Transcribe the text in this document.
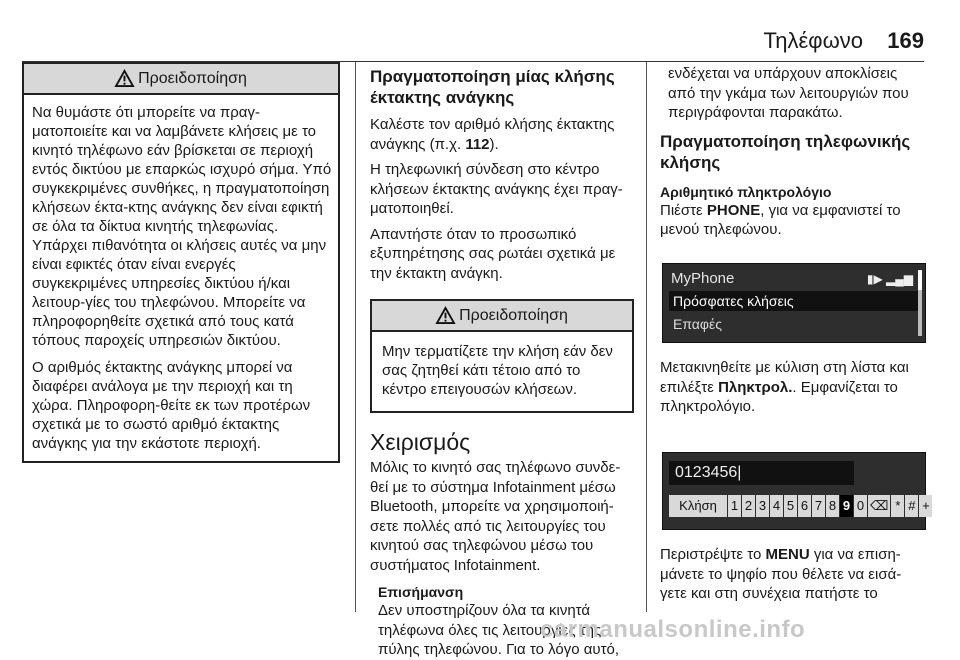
Τηλέφωνο 169
Προειδοποίηση

Να θυμάστε ότι μπορείτε να πραγ-ματοποιείτε και να λαμβάνετε κλήσεις με το κινητό τηλέφωνο εάν βρίσκεται σε περιοχή εντός δικτύου με επαρκώς ισχυρό σήμα. Υπό συγκεκριμένες συνθήκες, η πραγματοποίηση κλήσεων έκτα-κτης ανάγκης δεν είναι εφικτή σε όλα τα δίκτυα κινητής τηλεφωνίας. Υπάρχει πιθανότητα οι κλήσεις αυτές να μην είναι εφικτές όταν είναι ενεργές συγκεκριμένες υπηρεσίες δικτύου ή/και λειτουρ-γίες του τηλεφώνου. Μπορείτε να πληροφορηθείτε σχετικά από τους κατά τόπους παροχείς υπηρεσιών δικτύου.

Ο αριθμός έκτακτης ανάγκης μπορεί να διαφέρει ανάλογα με την περιοχή και τη χώρα. Πληροφορη-θείτε εκ των προτέρων σχετικά με το σωστό αριθμό έκτακτης ανάγκης για την εκάστοτε περιοχή.

Πραγματοποίηση μίας κλήσης έκτακτης ανάγκης

Καλέστε τον αριθμό κλήσης έκτακτης ανάγκης (π.χ. 112).

Η τηλεφωνική σύνδεση στο κέντρο κλήσεων έκτακτης ανάγκης έχει πραγ-ματοποιηθεί.

Απαντήστε όταν το προσωπικό εξυπηρέτησης σας ρωτάει σχετικά με την έκτακτη ανάγκη.

Προειδοποίηση

Μην τερματίζετε την κλήση εάν δεν σας ζητηθεί κάτι τέτοιο από το κέντρο επειγουσών κλήσεων.

Χειρισμός

Μόλις το κινητό σας τηλέφωνο συνδε-θεί με το σύστημα Infotainment μέσω Bluetooth, μπορείτε να χρησιμοποιή-σετε πολλές από τις λειτουργίες του κινητού σας τηλεφώνου μέσω του συστήματος Infotainment.

Επισήμανση

Δεν υποστηρίζουν όλα τα κινητά τηλέφωνα όλες τις λειτουργίες της πύλης τηλεφώνου. Για το λόγο αυτό,

ενδέχεται να υπάρχουν αποκλίσεις από την γκάμα των λειτουργιών που περιγράφονται παρακάτω.

Πραγματοποίηση τηλεφωνικής κλήσης
Αριθμητικό πληκτρολόγιο

Πιέστε PHONE, για να εμφανιστεί το μενού τηλεφώνου.

Μετακινηθείτε με κύλιση στη λίστα και επιλέξτε Πληκτρολ.. Εμφανίζεται το πληκτρολόγιο.

Περιστρέψτε το MENU για να επιση-μάνετε το ψηφίο που θέλετε να εισά-γετε και στη συνέχεια πατήστε το

MyPhone	▮▶ ▂▄▆
Πρόσφατες κλήσεις
Επαφές
0123456|
Κλήση	1 2 3 4 5 6 7 8 9 0 ⌫ * # +
carmanualsonline.info
